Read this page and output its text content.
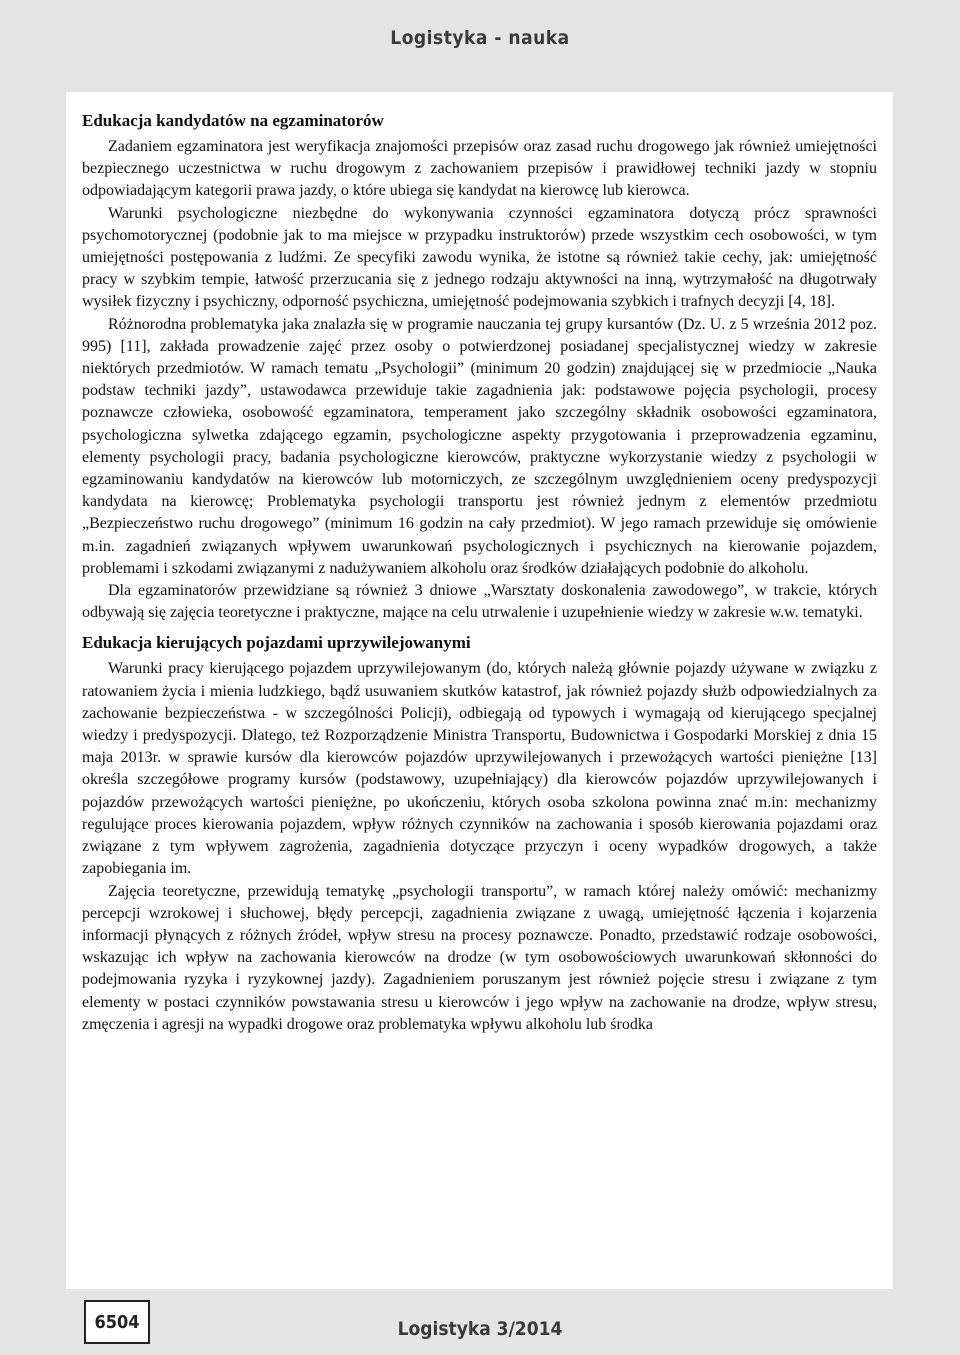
Logistyka - nauka
Edukacja kandydatów na egzaminatorów

Zadaniem egzaminatora jest weryfikacja znajomości przepisów oraz zasad ruchu drogowego jak również umiejętności bezpiecznego uczestnictwa w ruchu drogowym z zachowaniem przepisów i prawidłowej techniki jazdy w stopniu odpowiadającym kategorii prawa jazdy, o które ubiega się kandydat na kierowcę lub kierowca.

Warunki psychologiczne niezbędne do wykonywania czynności egzaminatora dotyczą prócz sprawności psychomotorycznej (podobnie jak to ma miejsce w przypadku instruktorów) przede wszystkim cech osobowości, w tym umiejętności postępowania z ludźmi. Ze specyfiki zawodu wynika, że istotne są również takie cechy, jak: umiejętność pracy w szybkim tempie, łatwość przerzucania się z jednego rodzaju aktywności na inną, wytrzymałość na długotrwały wysiłek fizyczny i psychiczny, odporność psychiczna, umiejętność podejmowania szybkich i trafnych decyzji [4, 18].

Różnorodna problematyka jaka znalazła się w programie nauczania tej grupy kursantów (Dz. U. z 5 września 2012 poz. 995) [11], zakłada prowadzenie zajęć przez osoby o potwierdzonej posiadanej specjalistycznej wiedzy w zakresie niektórych przedmiotów. W ramach tematu „Psychologii” (minimum 20 godzin) znajdującej się w przedmiocie „Nauka podstaw techniki jazdy”, ustawodawca przewiduje takie zagadnienia jak: podstawowe pojęcia psychologii, procesy poznawcze człowieka, osobowość egzaminatora, temperament jako szczególny składnik osobowości egzaminatora, psychologiczna sylwetka zdającego egzamin, psychologiczne aspekty przygotowania i przeprowadzenia egzaminu, elementy psychologii pracy, badania psychologiczne kierowców, praktyczne wykorzystanie wiedzy z psychologii w egzaminowaniu kandydatów na kierowców lub motorniczych, ze szczególnym uwzględnieniem oceny predyspozycji kandydata na kierowcę; Problematyka psychologii transportu jest również jednym z elementów przedmiotu „Bezpieczeństwo ruchu drogowego” (minimum 16 godzin na cały przedmiot). W jego ramach przewiduje się omówienie m.in. zagadnień związanych wpływem uwarunkowań psychologicznych i psychicznych na kierowanie pojazdem, problemami i szkodami związanymi z nadużywaniem alkoholu oraz środków działających podobnie do alkoholu.

Dla egzaminatorów przewidziane są również 3 dniowe „Warsztaty doskonalenia zawodowego”, w trakcie, których odbywają się zajęcia teoretyczne i praktyczne, mające na celu utrwalenie i uzupełnienie wiedzy w zakresie w.w. tematyki.

Edukacja kierujących pojazdami uprzywilejowanymi

Warunki pracy kierującego pojazdem uprzywilejowanym (do, których należą głównie pojazdy używane w związku z ratowaniem życia i mienia ludzkiego, bądź usuwaniem skutków katastrof, jak również pojazdy służb odpowiedzialnych za zachowanie bezpieczeństwa - w szczególności Policji), odbiegają od typowych i wymagają od kierującego specjalnej wiedzy i predyspozycji. Dlatego, też Rozporządzenie Ministra Transportu, Budownictwa i Gospodarki Morskiej z dnia 15 maja 2013r. w sprawie kursów dla kierowców pojazdów uprzywilejowanych i przewożących wartości pieniężne [13] określa szczegółowe programy kursów (podstawowy, uzupełniający) dla kierowców pojazdów uprzywilejowanych i pojazdów przewożących wartości pieniężne, po ukończeniu, których osoba szkolona powinna znać m.in: mechanizmy regulujące proces kierowania pojazdem, wpływ różnych czynników na zachowania i sposób kierowania pojazdami oraz związane z tym wpływem zagrożenia, zagadnienia dotyczące przyczyn i oceny wypadków drogowych, a także zapobiegania im.

Zajęcia teoretyczne, przewidują tematykę „psychologii transportu”, w ramach której należy omówić: mechanizmy percepcji wzrokowej i słuchowej, błędy percepcji, zagadnienia związane z uwagą, umiejętność łączenia i kojarzenia informacji płynących z różnych źródeł, wpływ stresu na procesy poznawcze. Ponadto, przedstawić rodzaje osobowości, wskazując ich wpływ na zachowania kierowców na drodze (w tym osobowościowych uwarunkowań skłonności do podejmowania ryzyka i ryzykownej jazdy). Zagadnieniem poruszanym jest również pojęcie stresu i związane z tym elementy w postaci czynników powstawania stresu u kierowców i jego wpływ na zachowanie na drodze, wpływ stresu, zmęczenia i agresji na wypadki drogowe oraz problematyka wpływu alkoholu lub środka

6504	Logistyka 3/2014
